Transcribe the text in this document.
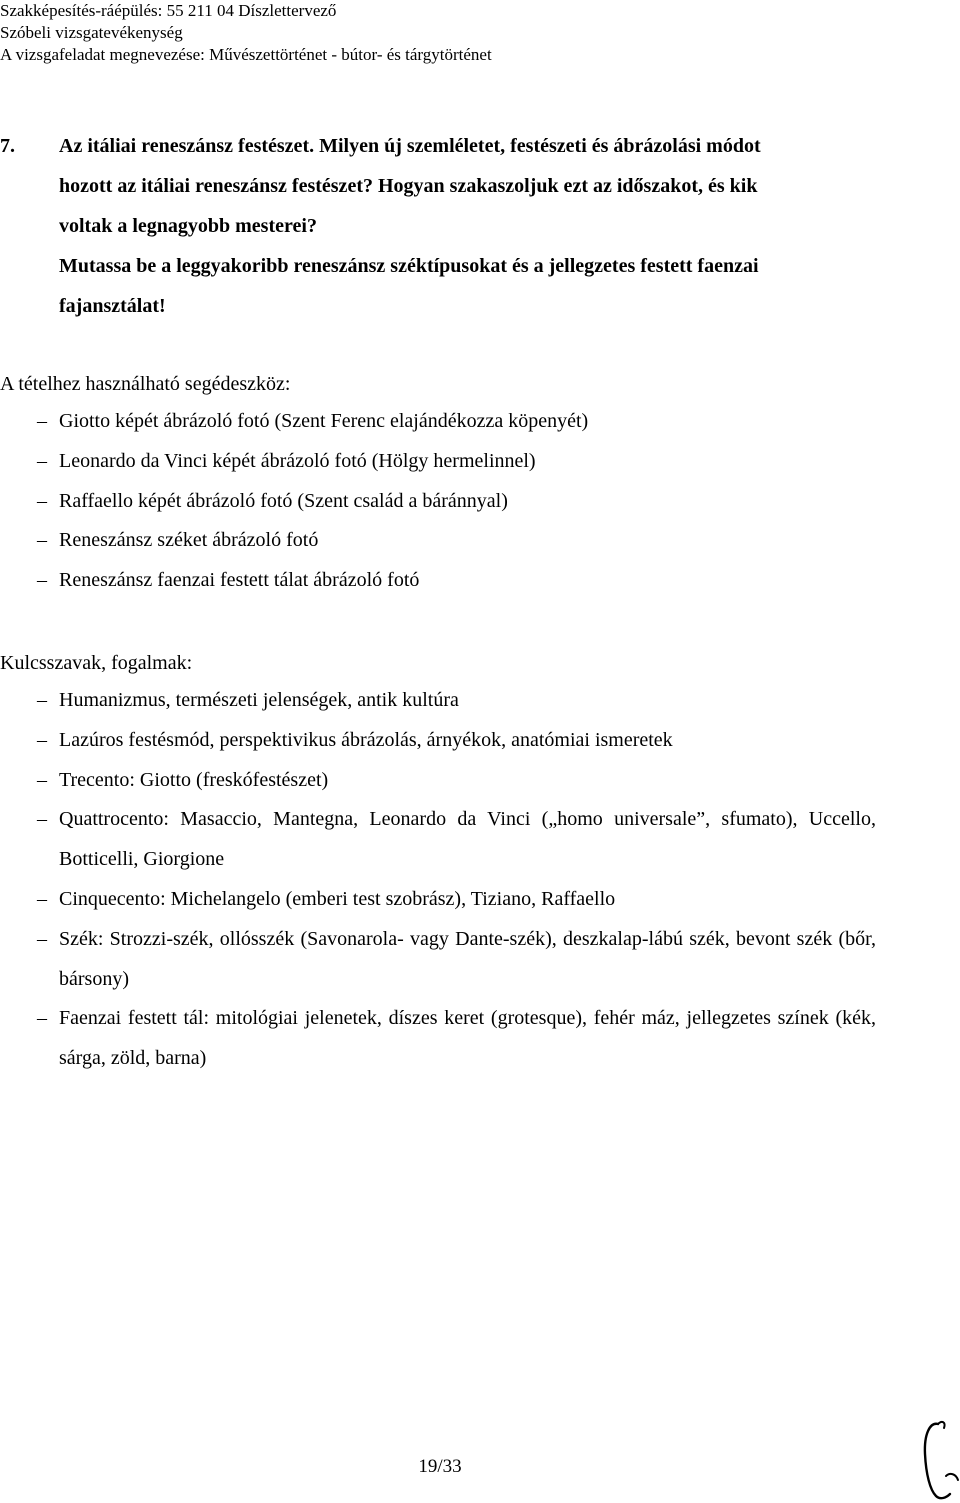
Szakképesítés-ráépülés: 55 211 04 Díszlettervező
Szóbeli vizsgatevékenység
A vizsgafeladat megnevezése: Művészettörténet - bútor- és tárgytörténet
7. Az itáliai reneszánsz festészet. Milyen új szemléletet, festészeti és ábrázolási módot
hozott az itáliai reneszánsz festészet? Hogyan szakaszoljuk ezt az időszakot, és kik
voltak a legnagyobb mesterei?
Mutassa be a leggyakoribb reneszánsz széktípusokat és a jellegzetes festett faenzai
fajansztálat!
A tételhez használható segédeszköz:
– Giotto képét ábrázoló fotó (Szent Ferenc elajándékozza köpenyét)
– Leonardo da Vinci képét ábrázoló fotó (Hölgy hermelinnel)
– Raffaello képét ábrázoló fotó (Szent család a báránnyal)
– Reneszánsz széket ábrázoló fotó
– Reneszánsz faenzai festett tálat ábrázoló fotó
Kulcsszavak, fogalmak:
– Humanizmus, természeti jelenségek, antik kultúra
– Lazúros festésmód, perspektivikus ábrázolás, árnyékok, anatómiai ismeretek
– Trecento: Giotto (freskófestészet)
– Quattrocento: Masaccio, Mantegna, Leonardo da Vinci („homo universale”, sfumato), Uccello, Botticelli, Giorgione
– Cinquecento: Michelangelo (emberi test szobrász), Tiziano, Raffaello
– Szék: Strozzi-szék, ollósszék (Savonarola- vagy Dante-szék), deszkalap-lábú szék, bevont szék (bőr, bársony)
– Faenzai festett tál: mitológiai jelenetek, díszes keret (grotesque), fehér máz, jellegzetes színek (kék, sárga, zöld, barna)
19/33
